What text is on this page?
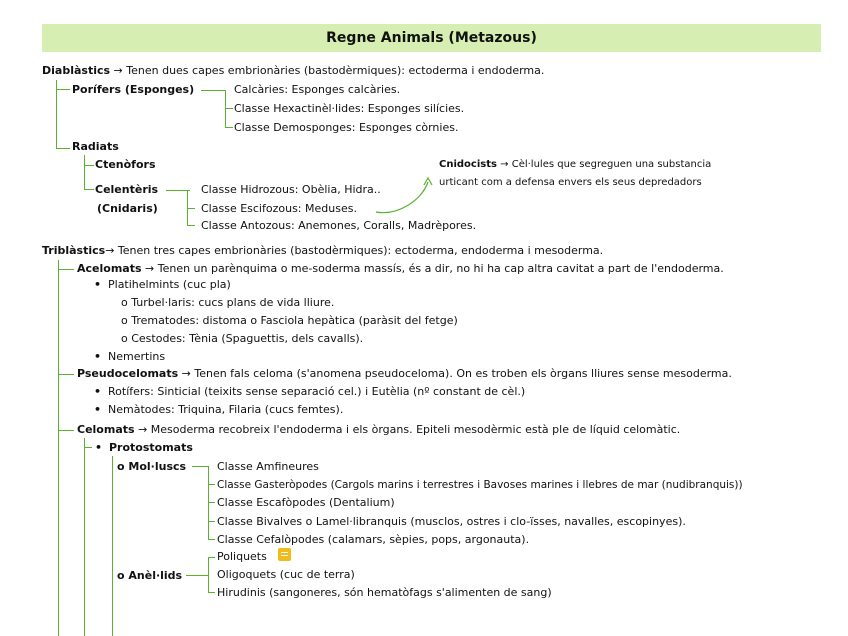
Regne Animals (Metazous)
Diablàstics → Tenen dues capes embrionàries (bastodèrmiques): ectoderma i endoderma.
Porífers (Esponges)	Calcàries: Esponges calcàries.
Classe Hexactinèl·lides: Esponges silícies.
Classe Demosponges: Esponges còrnies.
Radiats
Ctenòfors
Celentèris
(Cnidaris)
Classe Hidrozous: Obèlia, Hidra..
Classe Escifozous: Meduses.
Classe Antozous: Anemones, Coralls, Madrèpores.
Cnidocists → Cèl·lules que segreguen una substancia
urticant com a defensa envers els seus depredadors
Triblàstics→ Tenen tres capes embrionàries (bastodèrmiques): ectoderma, endoderma i mesoderma.
Acelomats → Tenen un parènquima o me-soderma massís, és a dir, no hi ha cap altra cavitat a part de l'endoderma.
• Platihelmints (cuc pla)
o Turbel·laris: cucs plans de vida lliure.
o Trematodes: distoma o Fasciola hepàtica (paràsit del fetge)
o Cestodes: Tènia (Spaguettis, dels cavalls).
• Nemertins
Pseudocelomats → Tenen fals celoma (s'anomena pseudoceloma). On es troben els òrgans lliures sense mesoderma.
• Rotífers: Sinticial (teixits sense separació cel.) i Eutèlia (nº constant de cèl.)
• Nemàtodes: Triquina, Filaria (cucs femtes).
Celomats → Mesoderma recobreix l'endoderma i els òrgans. Epiteli mesodèrmic està ple de líquid celomàtic.
• Protostomats
o Mol·luscs	Classe Amfineures
Classe Gasteròpodes (Cargols marins i terrestres i Bavoses marines i llebres de mar (nudibranquis))
Classe Escafòpodes (Dentalium)
Classe Bivalves o Lamel·libranquis (musclos, ostres i clo-ïsses, navalles, escopinyes).
Classe Cefalòpodes (calamars, sèpies, pops, argonauta).
o Anèl·lids
Poliquets
Oligoquets (cuc de terra)
Hirudinis (sangoneres, són hematòfags s'alimenten de sang)
